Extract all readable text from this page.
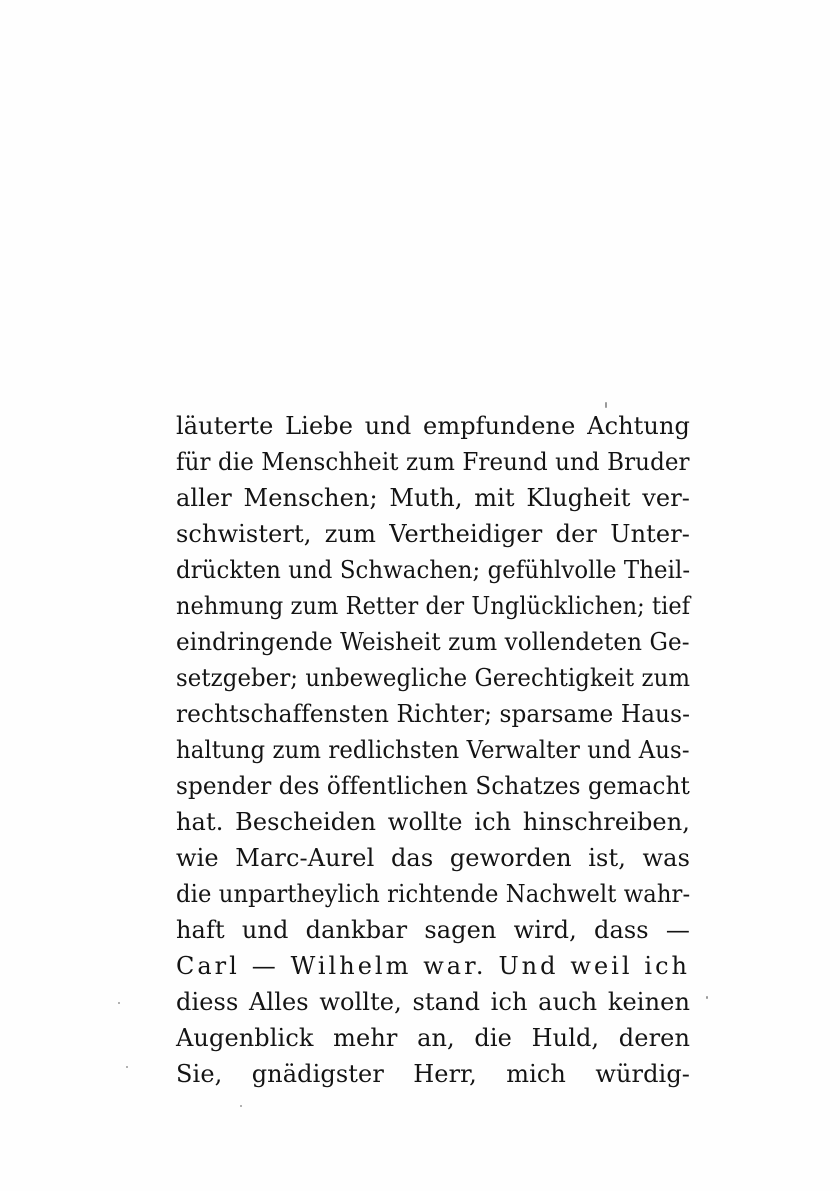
läuterte Liebe und empfundene Achtung
für die Menschheit zum Freund und Bruder
aller Menschen; Muth, mit Klugheit ver-
schwistert, zum Vertheidiger der Unter-
drückten und Schwachen; gefühlvolle Theil-
nehmung zum Retter der Unglücklichen; tief
eindringende Weisheit zum vollendeten Ge-
setzgeber; unbewegliche Gerechtigkeit zum
rechtschaffensten Richter; sparsame Haus-
haltung zum redlichsten Verwalter und Aus-
spender des öffentlichen Schatzes gemacht
hat. Bescheiden wollte ich hinschreiben,
wie Marc-Aurel das geworden ist, was
die unpartheylich richtende Nachwelt wahr-
haft und dankbar sagen wird, dass —
Carl — Wilhelm war. Und weil ich
diess Alles wollte, stand ich auch keinen
Augenblick mehr an, die Huld, deren
Sie, gnädigster Herr, mich würdig-
